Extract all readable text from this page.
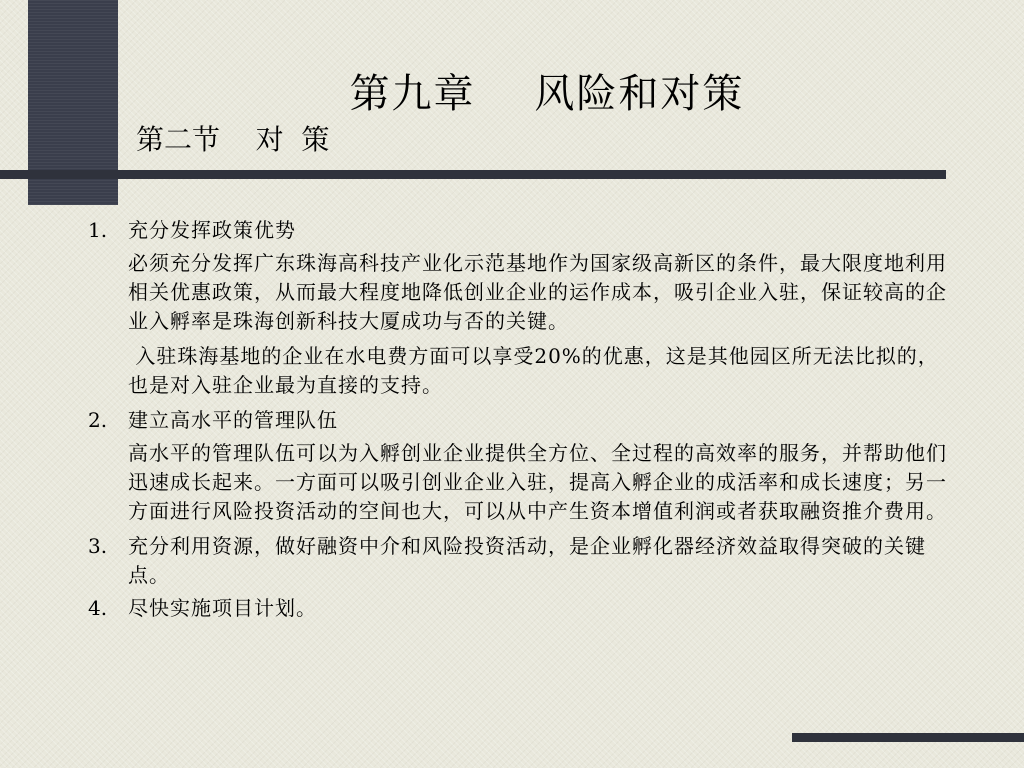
第九章    风险和对策
第二节    对  策
1.	充分发挥政策优势
必须充分发挥广东珠海高科技产业化示范基地作为国家级高新区的条件，最大限度地利用相关优惠政策，从而最大程度地降低创业企业的运作成本，吸引企业入驻，保证较高的企业入孵率是珠海创新科技大厦成功与否的关键。
入驻珠海基地的企业在水电费方面可以享受20%的优惠，这是其他园区所无法比拟的，也是对入驻企业最为直接的支持。
2.	建立高水平的管理队伍
高水平的管理队伍可以为入孵创业企业提供全方位、全过程的高效率的服务，并帮助他们迅速成长起来。一方面可以吸引创业企业入驻，提高入孵企业的成活率和成长速度；另一方面进行风险投资活动的空间也大，可以从中产生资本增值利润或者获取融资推介费用。
3.	充分利用资源，做好融资中介和风险投资活动，是企业孵化器经济效益取得突破的关键点。
4.	尽快实施项目计划。
